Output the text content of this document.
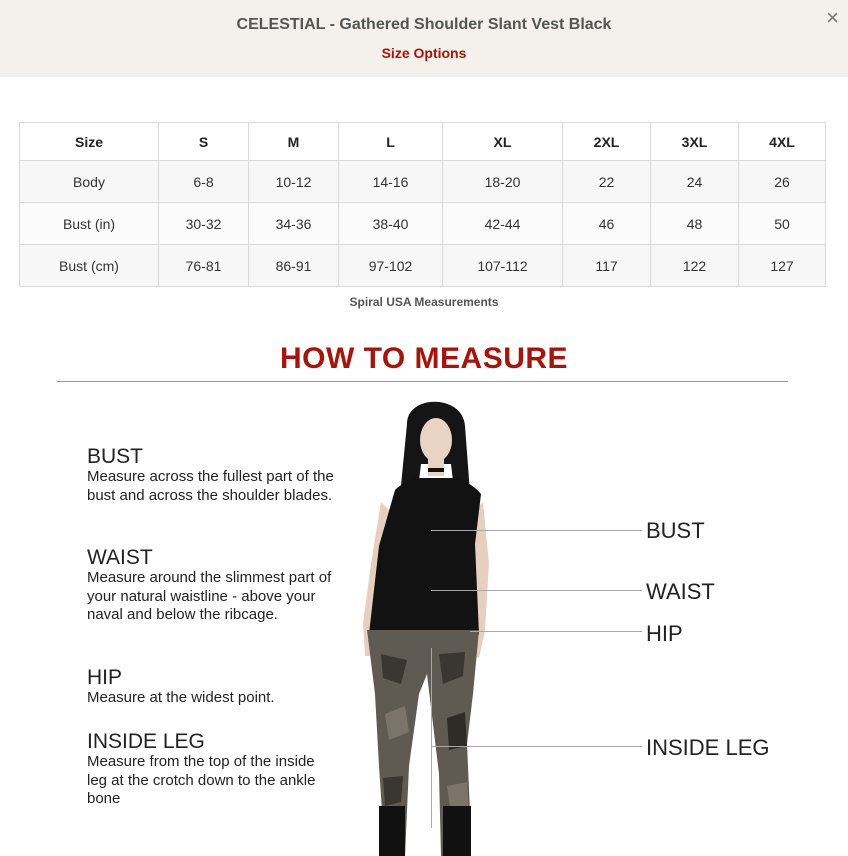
CELESTIAL - Gathered Shoulder Slant Vest Black
Size Options
×
Size	S	M	L	XL	2XL	3XL	4XL
Body	6-8	10-12	14-16	18-20	22	24	26
Bust (in)	30-32	34-36	38-40	42-44	46	48	50
Bust (cm)	76-81	86-91	97-102	107-112	117	122	127
Spiral USA Measurements
HOW TO MEASURE
BUST
Measure across the fullest part of the bust and across the shoulder blades.
WAIST
Measure around the slimmest part of your natural waistline - above your naval and below the ribcage.
HIP
Measure at the widest point.
INSIDE LEG
Measure from the top of the inside leg at the crotch down to the ankle bone
BUST
WAIST
HIP
INSIDE LEG
